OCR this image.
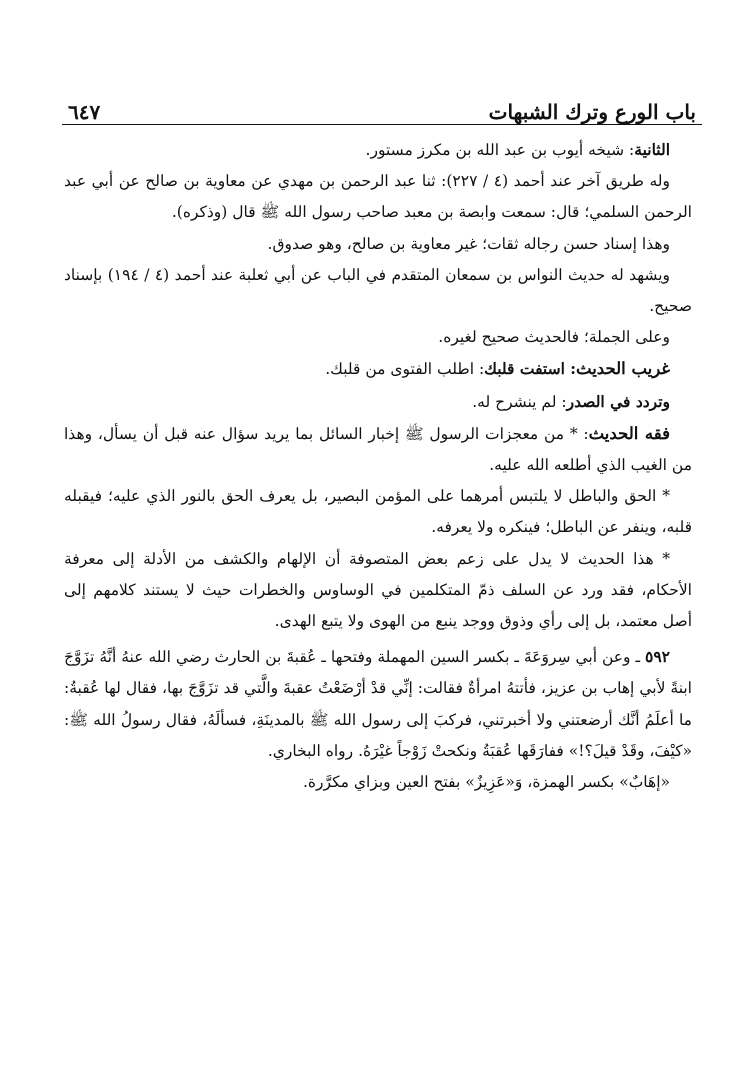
باب الورع وترك الشبهات
٦٤٧

الثانية: شيخه أيوب بن عبد الله بن مكرز مستور.

وله طريق آخر عند أحمد (٤ / ٢٢٧): ثنا عبد الرحمن بن مهدي عن معاوية بن صالح عن أبي عبد الرحمن السلمي؛ قال: سمعت وابصة بن معبد صاحب رسول الله ﷺ قال (وذكره).

وهذا إسناد حسن رجاله ثقات؛ غير معاوية بن صالح، وهو صدوق.

ويشهد له حديث النواس بن سمعان المتقدم في الباب عن أبي ثعلبة عند أحمد (٤ / ١٩٤) بإسناد صحيح.

وعلى الجملة؛ فالحديث صحيح لغيره.

غريب الحديث: استفت قلبك: اطلب الفتوى من قلبك.

وتردد في الصدر: لم ينشرح له.

فقه الحديث: * من معجزات الرسول ﷺ إخبار السائل بما يريد سؤال عنه قبل أن يسأل، وهذا من الغيب الذي أطلعه الله عليه.

* الحق والباطل لا يلتبس أمرهما على المؤمن البصير، بل يعرف الحق بالنور الذي عليه؛ فيقبله قلبه، وينفر عن الباطل؛ فينكره ولا يعرفه.

* هذا الحديث لا يدل على زعم بعض المتصوفة أن الإلهام والكشف من الأدلة إلى معرفة الأحكام، فقد ورد عن السلف ذمّ المتكلمين في الوساوس والخطرات حيث لا يستند كلامهم إلى أصل معتمد، بل إلى رأي وذوق ووجد ينبع من الهوى ولا يتبع الهدى.

٥٩٢ ـ وعن أبي سِروَعَةَ ـ بكسر السين المهملة وفتحها ـ عُقبةَ بن الحارث رضي الله عنهُ أنَّهُ تزَوَّجَ ابنةً لأبي إهاب بن عزيز، فأتتهُ امرأةٌ فقالت: إنِّي قدْ أرْضَعْتُ عقبةَ والَّتي قد تزَوَّجَ بها، فقال لها عُقبةُ: ما أعلَمُ أنَّك أرضعتني ولا أخبرتني، فركبَ إلى رسول الله ﷺ بالمدينَةِ، فسألَهُ، فقال رسولُ الله ﷺ: «كيْفَ، وقَدْ قيلَ؟!» ففارَقَها عُقبَةُ ونكحتْ زَوْجاً غيْرَهُ. رواه البخاري.

«إهَابٌ» بكسر الهمزة، وَ«عَزِيزٌ» بفتح العين وبزاي مكرَّرة.
